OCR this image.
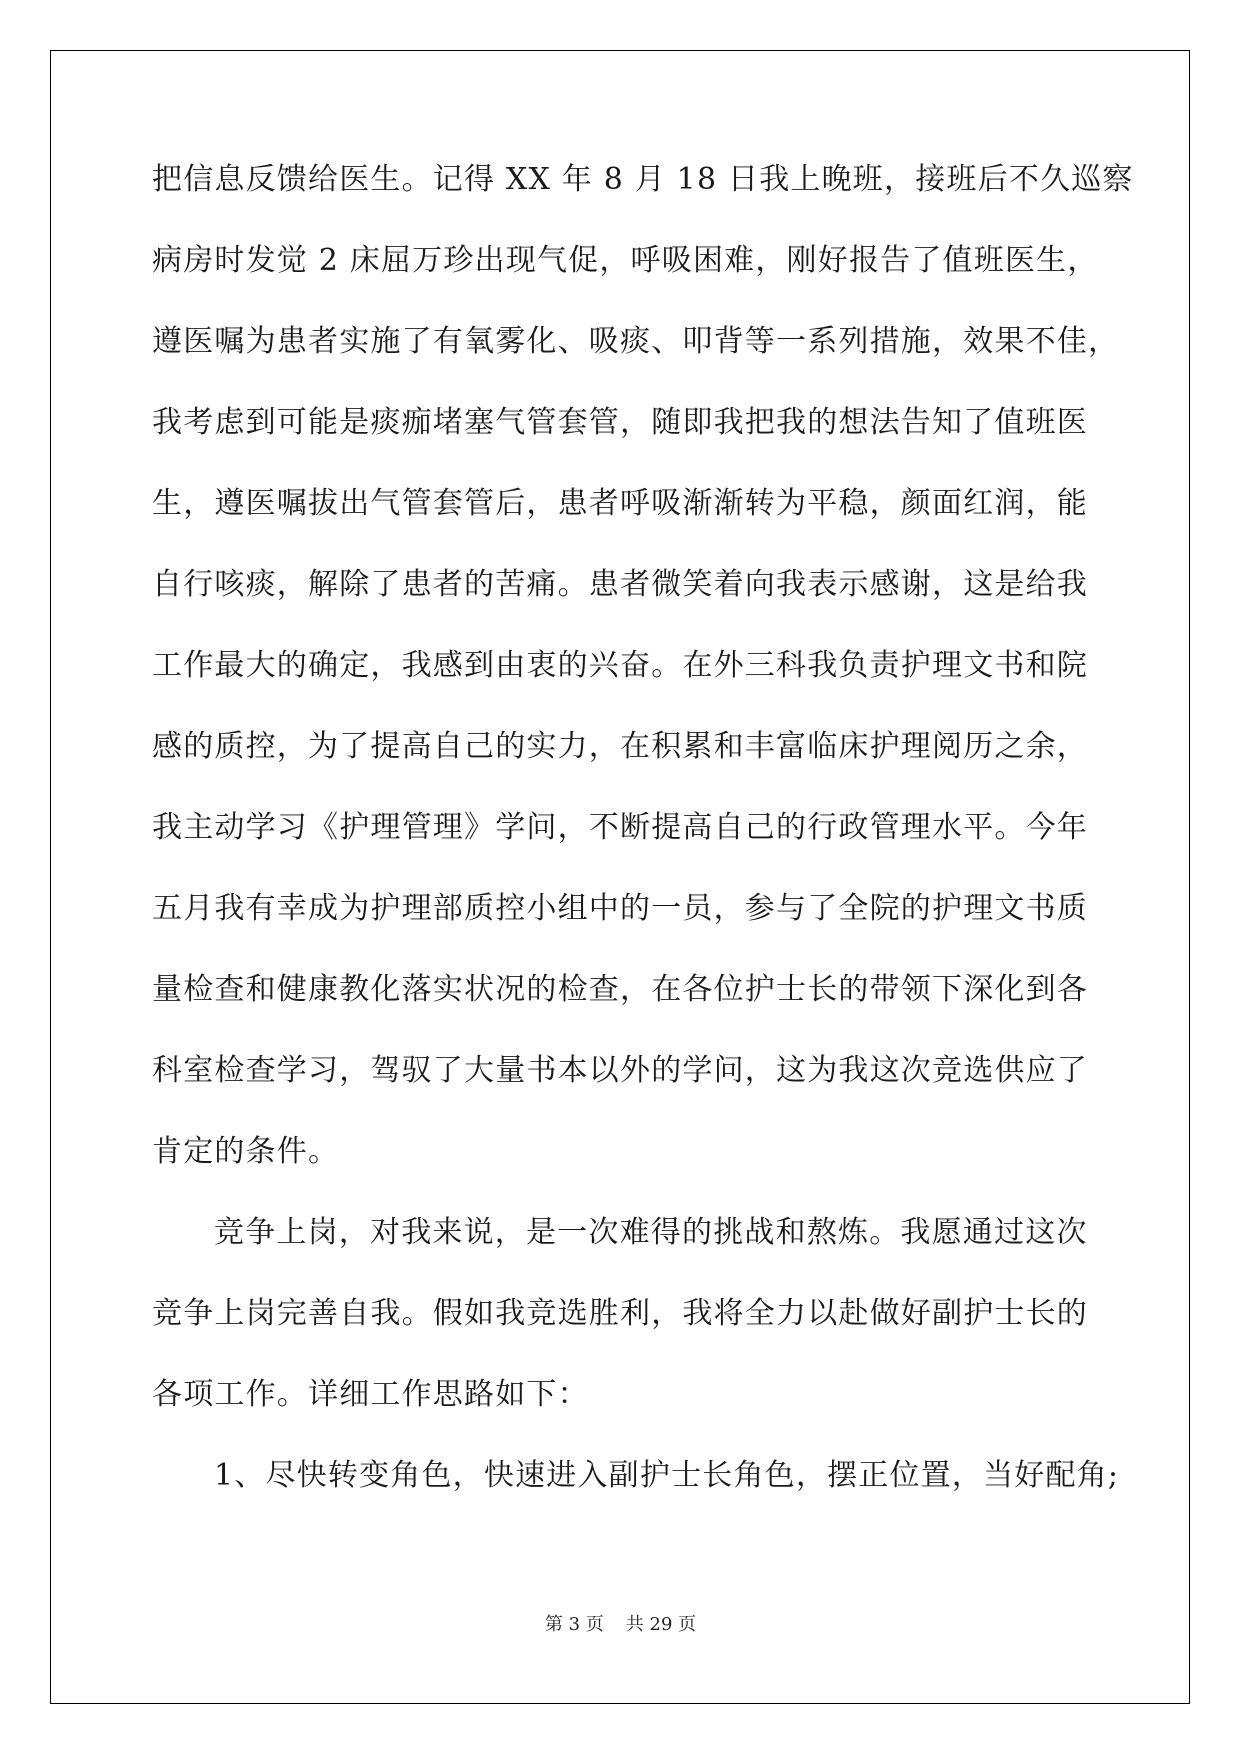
把信息反馈给医生。记得 XX 年 8 月 18 日我上晚班，接班后不久巡察
病房时发觉 2 床屈万珍出现气促，呼吸困难，刚好报告了值班医生，
遵医嘱为患者实施了有氧雾化、吸痰、叩背等一系列措施，效果不佳，
我考虑到可能是痰痂堵塞气管套管，随即我把我的想法告知了值班医
生，遵医嘱拔出气管套管后，患者呼吸渐渐转为平稳，颜面红润，能
自行咳痰，解除了患者的苦痛。患者微笑着向我表示感谢，这是给我
工作最大的确定，我感到由衷的兴奋。在外三科我负责护理文书和院
感的质控，为了提高自己的实力，在积累和丰富临床护理阅历之余，
我主动学习《护理管理》学问，不断提高自己的行政管理水平。今年
五月我有幸成为护理部质控小组中的一员，参与了全院的护理文书质
量检查和健康教化落实状况的检查，在各位护士长的带领下深化到各
科室检查学习，驾驭了大量书本以外的学问，这为我这次竞选供应了
肯定的条件。
竞争上岗，对我来说，是一次难得的挑战和熬炼。我愿通过这次
竞争上岗完善自我。假如我竞选胜利，我将全力以赴做好副护士长的
各项工作。详细工作思路如下：
1、尽快转变角色，快速进入副护士长角色，摆正位置，当好配角;
第 3 页 共 29 页
